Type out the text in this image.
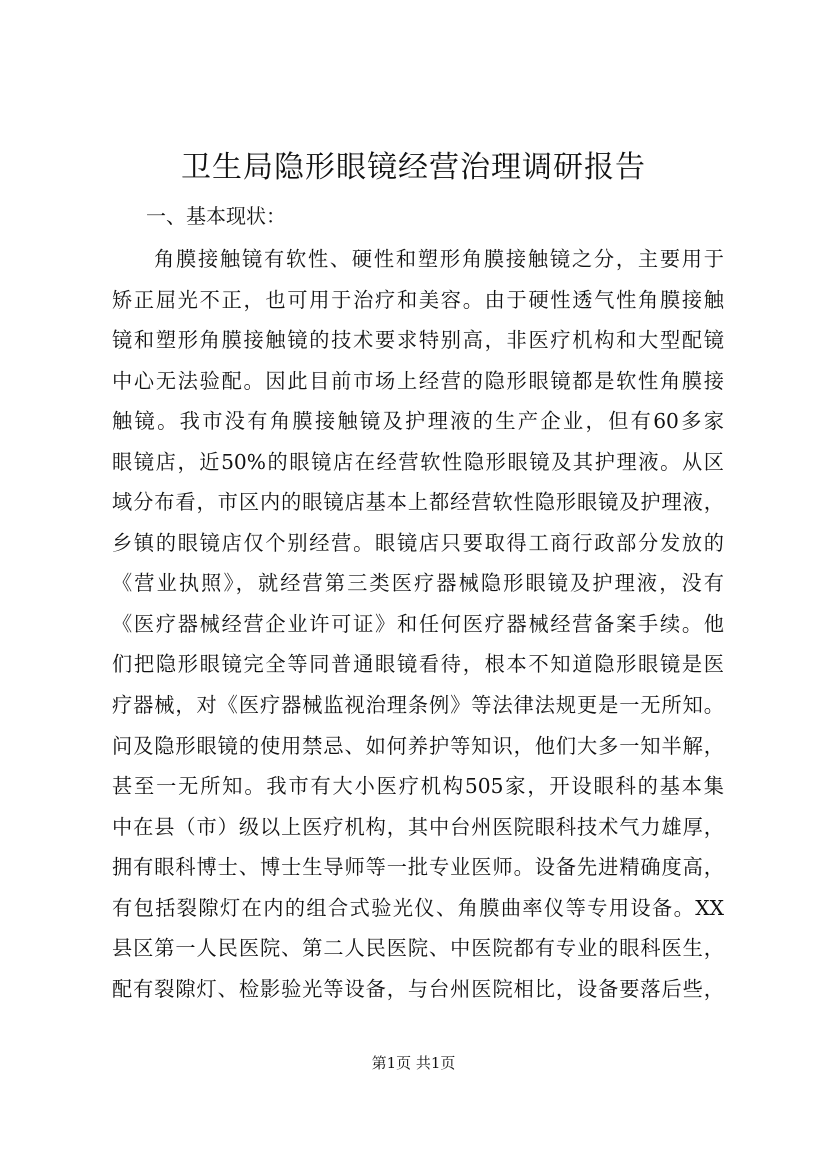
卫生局隐形眼镜经营治理调研报告

一、基本现状：

角膜接触镜有软性、硬性和塑形角膜接触镜之分，主要用于
矫正屈光不正，也可用于治疗和美容。由于硬性透气性角膜接触
镜和塑形角膜接触镜的技术要求特别高，非医疗机构和大型配镜
中心无法验配。因此目前市场上经营的隐形眼镜都是软性角膜接
触镜。我市没有角膜接触镜及护理液的生产企业，但有60多家
眼镜店，近50%的眼镜店在经营软性隐形眼镜及其护理液。从区
域分布看，市区内的眼镜店基本上都经营软性隐形眼镜及护理液，
乡镇的眼镜店仅个别经营。眼镜店只要取得工商行政部分发放的
《营业执照》，就经营第三类医疗器械隐形眼镜及护理液，没有
《医疗器械经营企业许可证》和任何医疗器械经营备案手续。他
们把隐形眼镜完全等同普通眼镜看待，根本不知道隐形眼镜是医
疗器械，对《医疗器械监视治理条例》等法律法规更是一无所知。
问及隐形眼镜的使用禁忌、如何养护等知识，他们大多一知半解，
甚至一无所知。我市有大小医疗机构505家，开设眼科的基本集
中在县（市）级以上医疗机构，其中台州医院眼科技术气力雄厚，
拥有眼科博士、博士生导师等一批专业医师。设备先进精确度高，
有包括裂隙灯在内的组合式验光仪、角膜曲率仪等专用设备。XX
县区第一人民医院、第二人民医院、中医院都有专业的眼科医生，
配有裂隙灯、检影验光等设备，与台州医院相比，设备要落后些，
第1页 共1页
